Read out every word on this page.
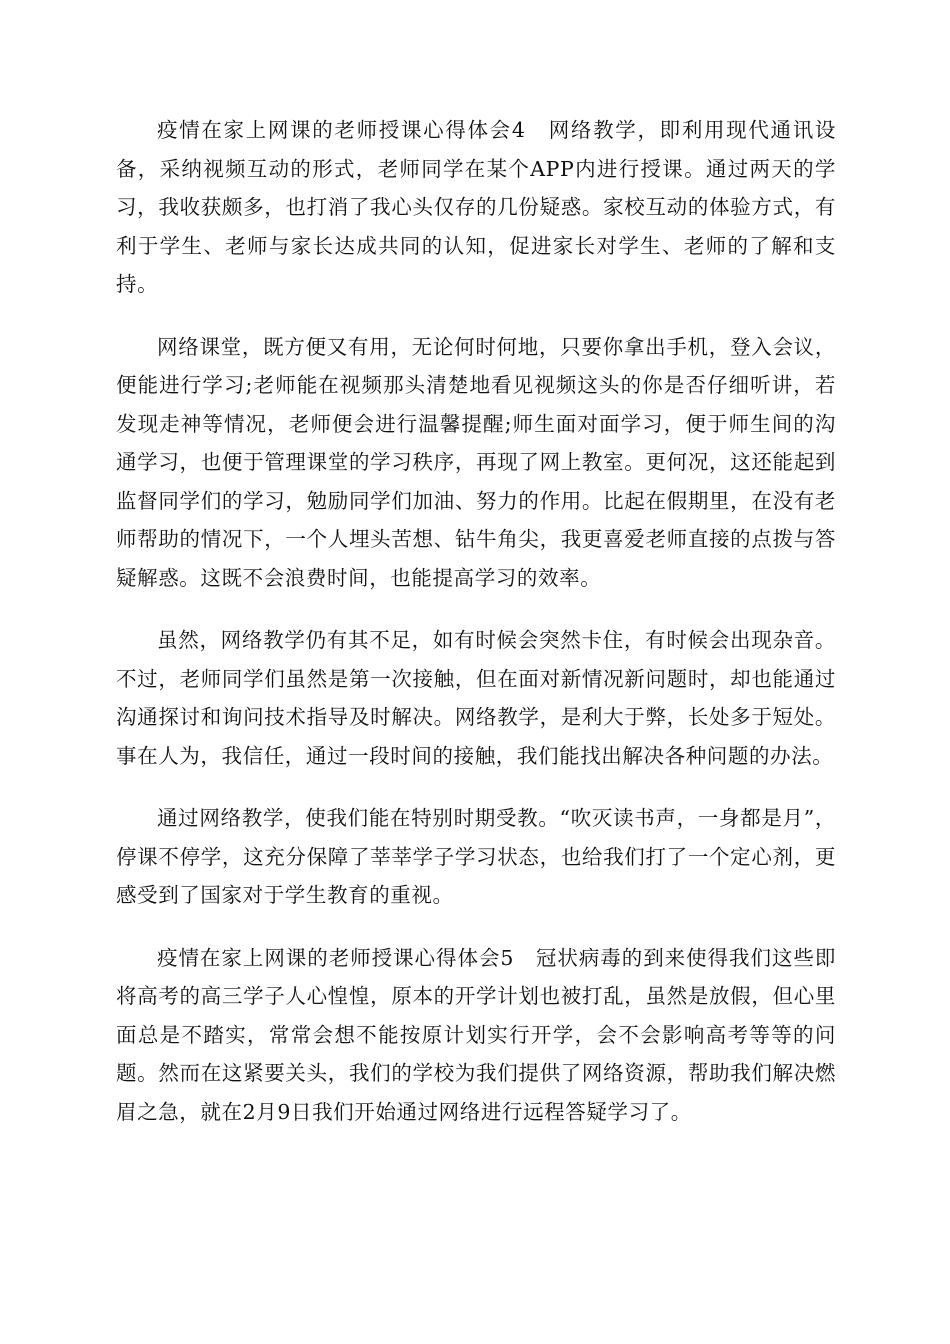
疫情在家上网课的老师授课心得体会4　网络教学，即利用现代通讯设备，采纳视频互动的形式，老师同学在某个APP内进行授课。通过两天的学习，我收获颇多，也打消了我心头仅存的几份疑惑。家校互动的体验方式，有利于学生、老师与家长达成共同的认知，促进家长对学生、老师的了解和支持。

网络课堂，既方便又有用，无论何时何地，只要你拿出手机，登入会议，便能进行学习;老师能在视频那头清楚地看见视频这头的你是否仔细听讲，若发现走神等情况，老师便会进行温馨提醒;师生面对面学习，便于师生间的沟通学习，也便于管理课堂的学习秩序，再现了网上教室。更何况，这还能起到监督同学们的学习，勉励同学们加油、努力的作用。比起在假期里，在没有老师帮助的情况下，一个人埋头苦想、钻牛角尖，我更喜爱老师直接的点拨与答疑解惑。这既不会浪费时间，也能提高学习的效率。

虽然，网络教学仍有其不足，如有时候会突然卡住，有时候会出现杂音。不过，老师同学们虽然是第一次接触，但在面对新情况新问题时，却也能通过沟通探讨和询问技术指导及时解决。网络教学，是利大于弊，长处多于短处。事在人为，我信任，通过一段时间的接触，我们能找出解决各种问题的办法。

通过网络教学，使我们能在特别时期受教。“吹灭读书声，一身都是月”，停课不停学，这充分保障了莘莘学子学习状态，也给我们打了一个定心剂，更感受到了国家对于学生教育的重视。

疫情在家上网课的老师授课心得体会5　冠状病毒的到来使得我们这些即将高考的高三学子人心惶惶，原本的开学计划也被打乱，虽然是放假，但心里面总是不踏实，常常会想不能按原计划实行开学，会不会影响高考等等的问题。然而在这紧要关头，我们的学校为我们提供了网络资源，帮助我们解决燃眉之急，就在2月9日我们开始通过网络进行远程答疑学习了。
